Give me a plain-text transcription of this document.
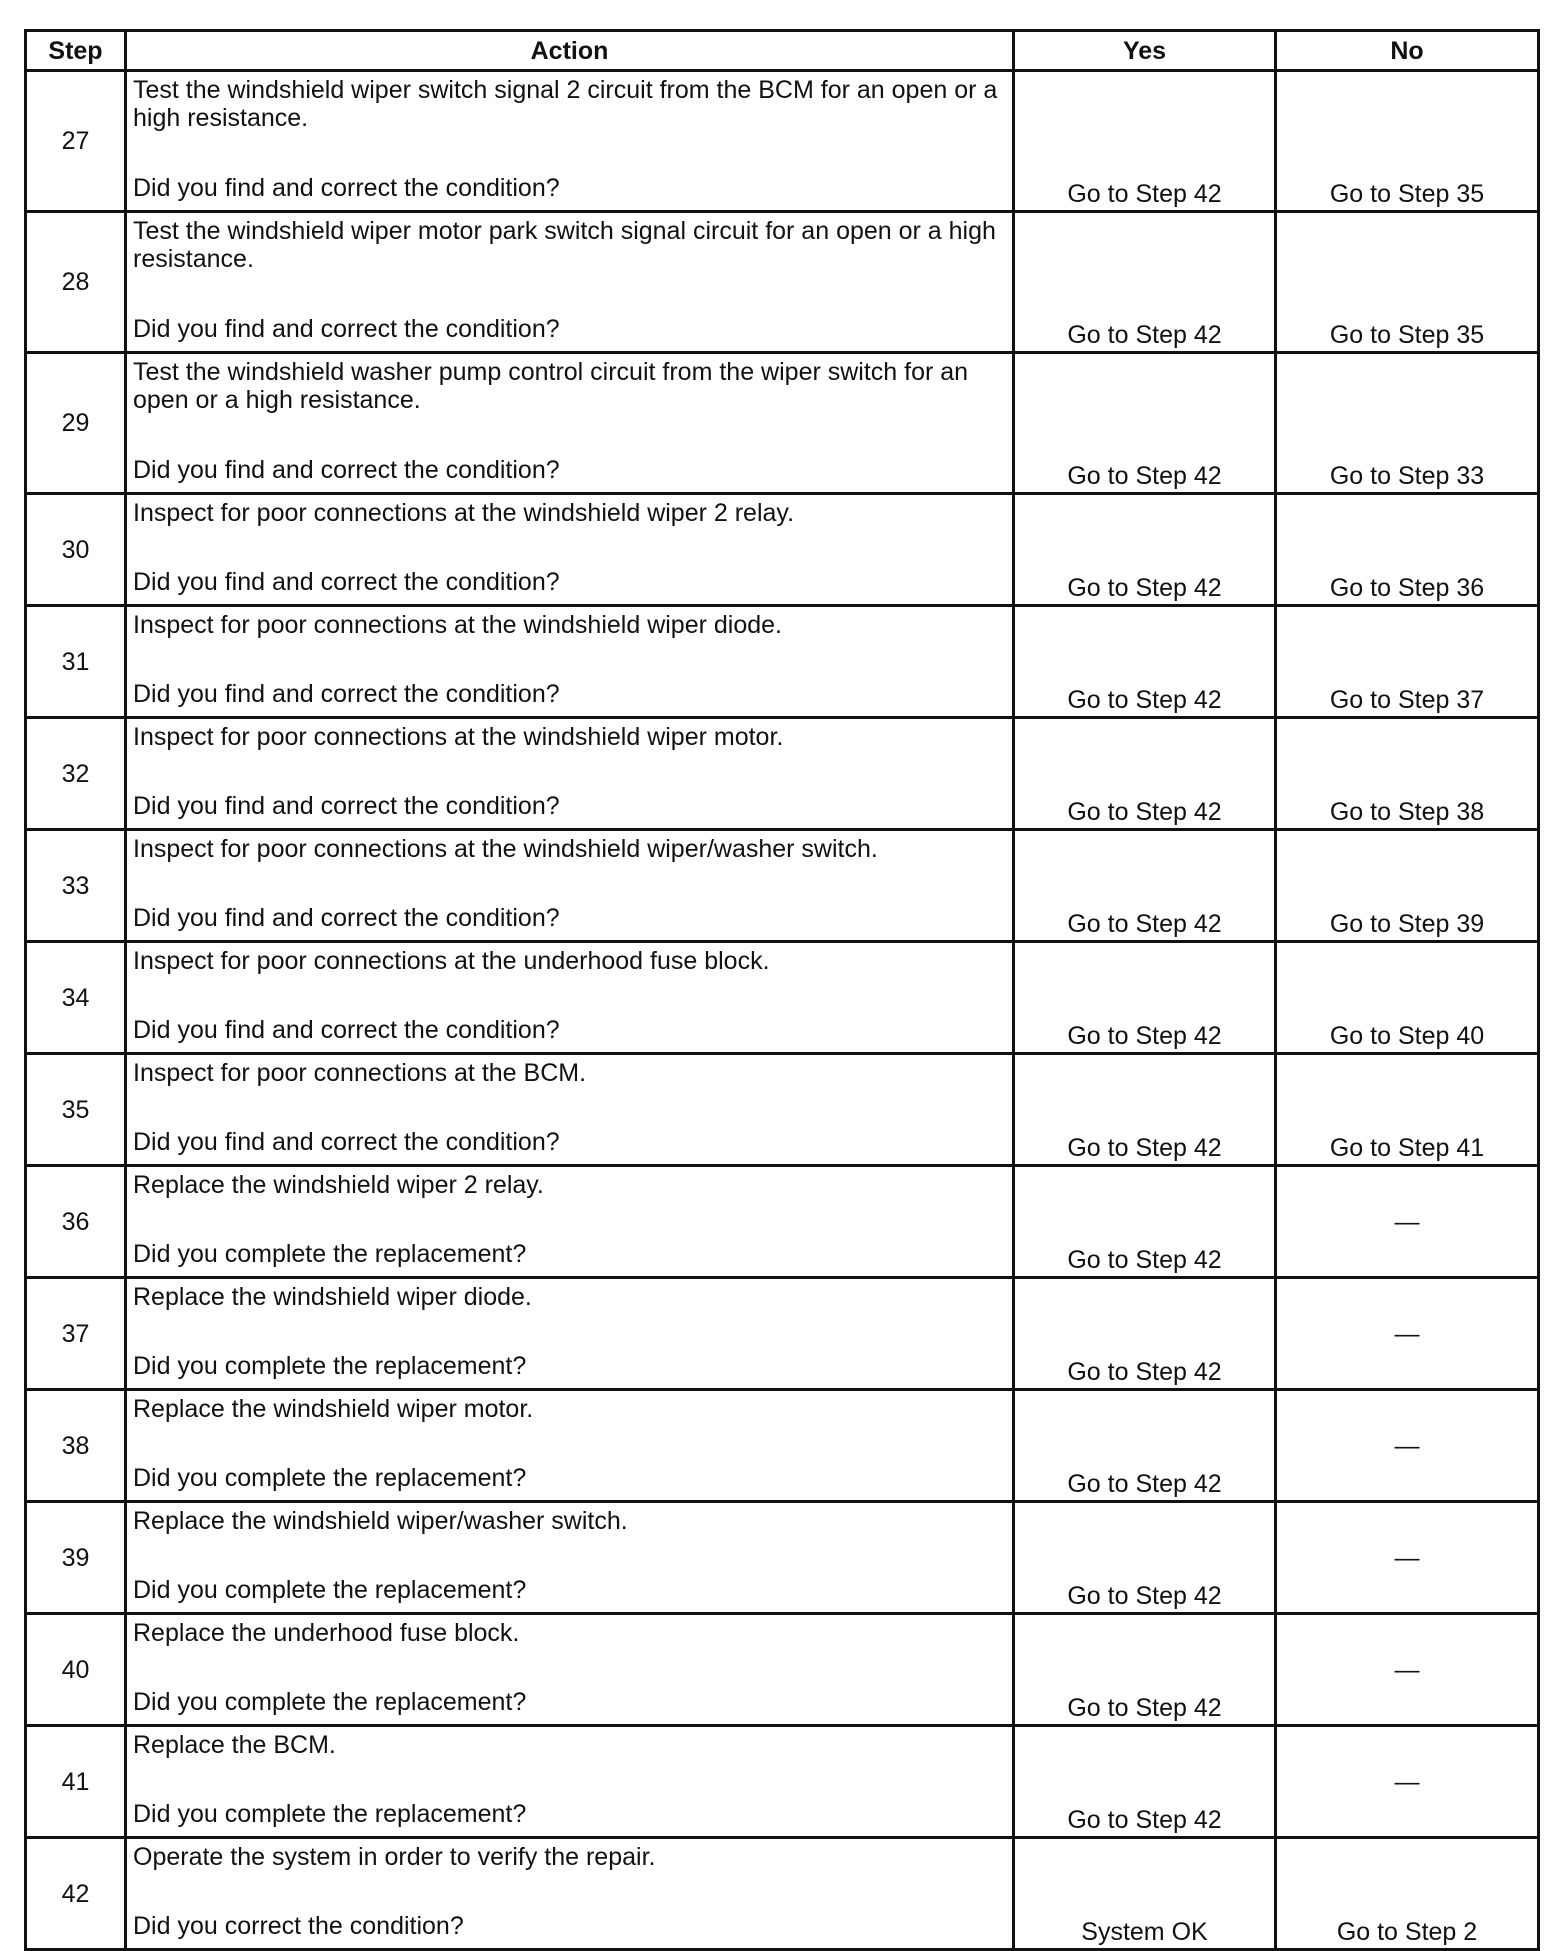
Step	Action	Yes	No
27	Test the windshield wiper switch signal 2 circuit from the BCM for an open or a high resistance.
Did you find and correct the condition?	Go to Step 42	Go to Step 35
28	Test the windshield wiper motor park switch signal circuit for an open or a high resistance.
Did you find and correct the condition?	Go to Step 42	Go to Step 35
29	Test the windshield washer pump control circuit from the wiper switch for an open or a high resistance.
Did you find and correct the condition?	Go to Step 42	Go to Step 33
30	Inspect for poor connections at the windshield wiper 2 relay.
Did you find and correct the condition?	Go to Step 42	Go to Step 36
31	Inspect for poor connections at the windshield wiper diode.
Did you find and correct the condition?	Go to Step 42	Go to Step 37
32	Inspect for poor connections at the windshield wiper motor.
Did you find and correct the condition?	Go to Step 42	Go to Step 38
33	Inspect for poor connections at the windshield wiper/washer switch.
Did you find and correct the condition?	Go to Step 42	Go to Step 39
34	Inspect for poor connections at the underhood fuse block.
Did you find and correct the condition?	Go to Step 42	Go to Step 40
35	Inspect for poor connections at the BCM.
Did you find and correct the condition?	Go to Step 42	Go to Step 41
36	Replace the windshield wiper 2 relay.
Did you complete the replacement?	Go to Step 42	—
37	Replace the windshield wiper diode.
Did you complete the replacement?	Go to Step 42	—
38	Replace the windshield wiper motor.
Did you complete the replacement?	Go to Step 42	—
39	Replace the windshield wiper/washer switch.
Did you complete the replacement?	Go to Step 42	—
40	Replace the underhood fuse block.
Did you complete the replacement?	Go to Step 42	—
41	Replace the BCM.
Did you complete the replacement?	Go to Step 42	—
42	Operate the system in order to verify the repair.
Did you correct the condition?	System OK	Go to Step 2
